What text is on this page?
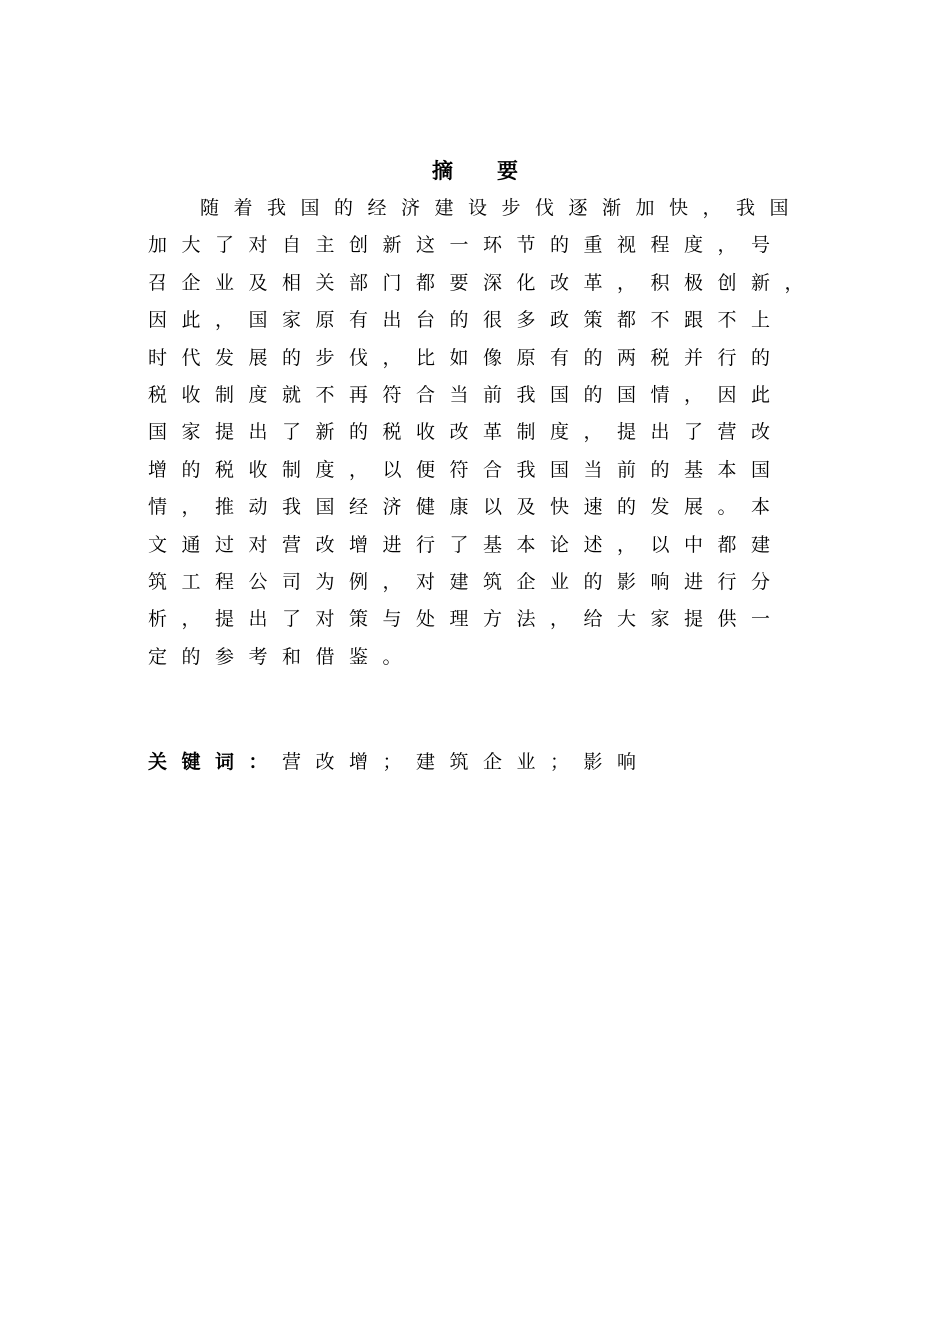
摘要
随着我国的经济建设步伐逐渐加快，我国
加大了对自主创新这一环节的重视程度，号
召企业及相关部门都要深化改革，积极创新，
因此，国家原有出台的很多政策都不跟不上
时代发展的步伐，比如像原有的两税并行的
税收制度就不再符合当前我国的国情，因此
国家提出了新的税收改革制度，提出了营改
增的税收制度，以便符合我国当前的基本国
情，推动我国经济健康以及快速的发展。本
文通过对营改增进行了基本论述，以中都建
筑工程公司为例，对建筑企业的影响进行分
析，提出了对策与处理方法，给大家提供一
定的参考和借鉴。
关键词：营改增；建筑企业；影响
